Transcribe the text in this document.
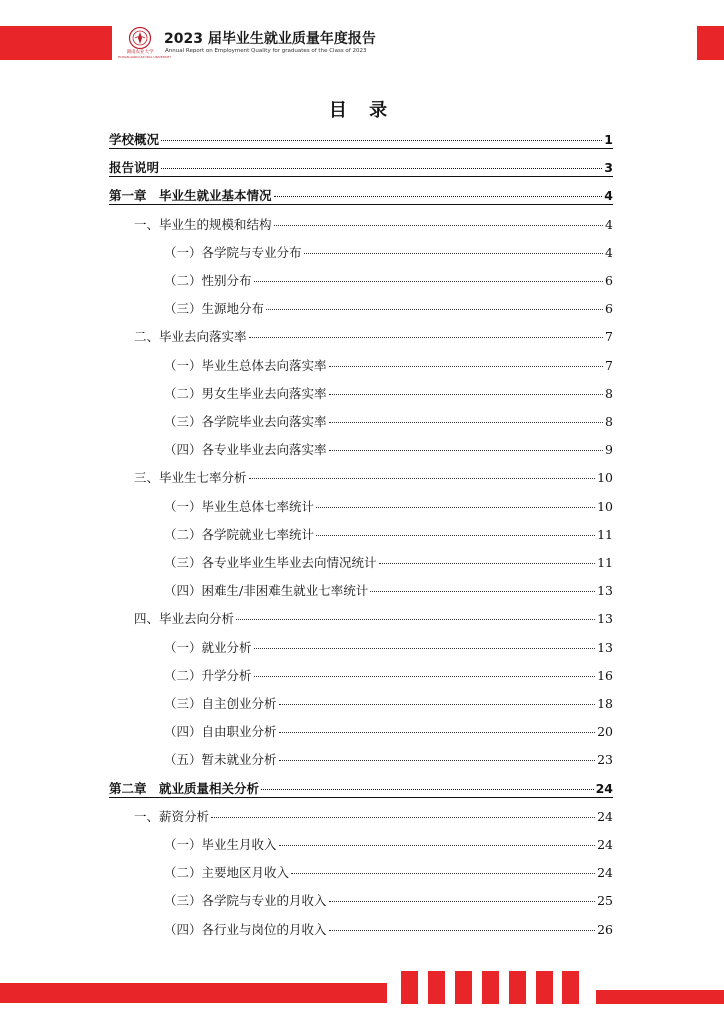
湖南农业大学
HUNAN AGRICULTURAL UNIVERSITY
2023 届毕业生就业质量年度报告
Annual Report on Employment Quality for graduates of the Class of 2023
目 录
学校概况	1
报告说明	3
第一章　毕业生就业基本情况	4
一、毕业生的规模和结构	4
（一）各学院与专业分布	4
（二）性别分布	6
（三）生源地分布	6
二、毕业去向落实率	7
（一）毕业生总体去向落实率	7
（二）男女生毕业去向落实率	8
（三）各学院毕业去向落实率	8
（四）各专业毕业去向落实率	9
三、毕业生七率分析	10
（一）毕业生总体七率统计	10
（二）各学院就业七率统计	11
（三）各专业毕业生毕业去向情况统计	11
（四）困难生/非困难生就业七率统计	13
四、毕业去向分析	13
（一）就业分析	13
（二）升学分析	16
（三）自主创业分析	18
（四）自由职业分析	20
（五）暂未就业分析	23
第二章　就业质量相关分析	24
一、薪资分析	24
（一）毕业生月收入	24
（二）主要地区月收入	24
（三）各学院与专业的月收入	25
（四）各行业与岗位的月收入	26
